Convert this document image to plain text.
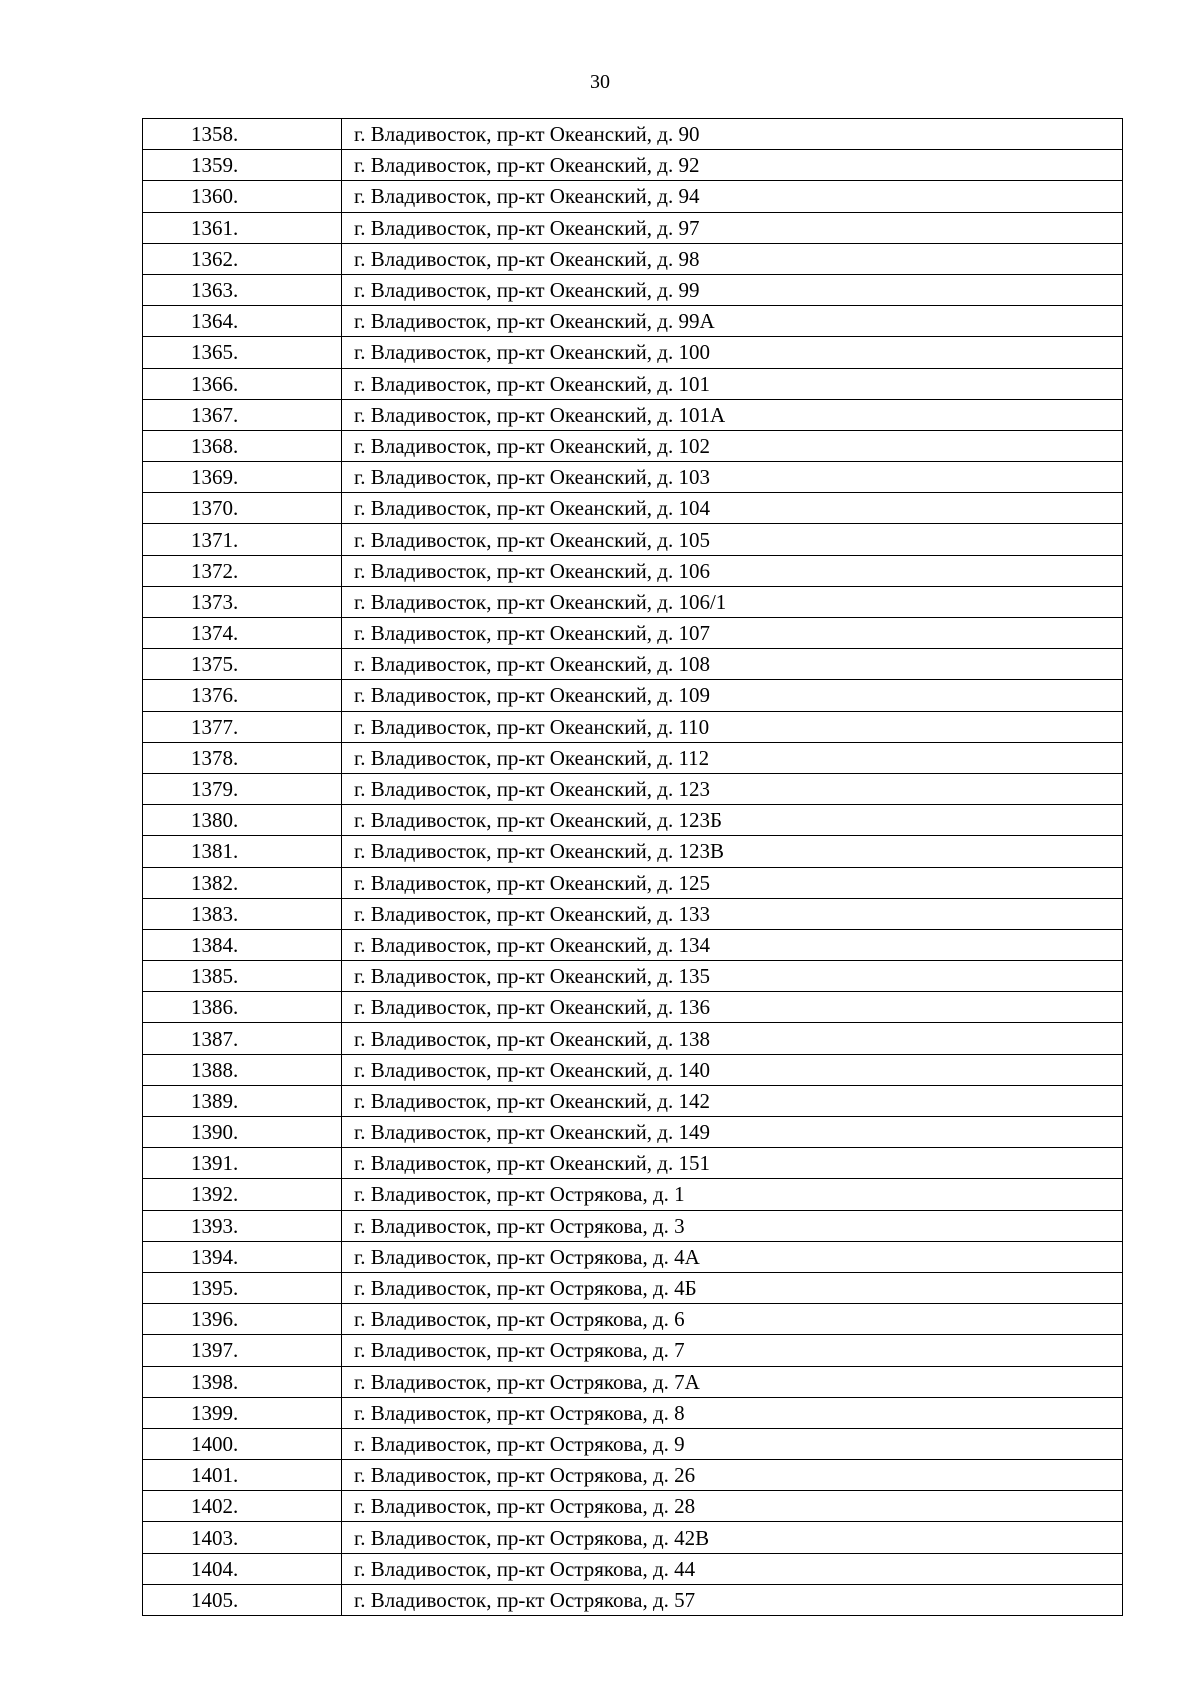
30
1358.	г. Владивосток, пр-кт Океанский, д. 90
1359.	г. Владивосток, пр-кт Океанский, д. 92
1360.	г. Владивосток, пр-кт Океанский, д. 94
1361.	г. Владивосток, пр-кт Океанский, д. 97
1362.	г. Владивосток, пр-кт Океанский, д. 98
1363.	г. Владивосток, пр-кт Океанский, д. 99
1364.	г. Владивосток, пр-кт Океанский, д. 99А
1365.	г. Владивосток, пр-кт Океанский, д. 100
1366.	г. Владивосток, пр-кт Океанский, д. 101
1367.	г. Владивосток, пр-кт Океанский, д. 101А
1368.	г. Владивосток, пр-кт Океанский, д. 102
1369.	г. Владивосток, пр-кт Океанский, д. 103
1370.	г. Владивосток, пр-кт Океанский, д. 104
1371.	г. Владивосток, пр-кт Океанский, д. 105
1372.	г. Владивосток, пр-кт Океанский, д. 106
1373.	г. Владивосток, пр-кт Океанский, д. 106/1
1374.	г. Владивосток, пр-кт Океанский, д. 107
1375.	г. Владивосток, пр-кт Океанский, д. 108
1376.	г. Владивосток, пр-кт Океанский, д. 109
1377.	г. Владивосток, пр-кт Океанский, д. 110
1378.	г. Владивосток, пр-кт Океанский, д. 112
1379.	г. Владивосток, пр-кт Океанский, д. 123
1380.	г. Владивосток, пр-кт Океанский, д. 123Б
1381.	г. Владивосток, пр-кт Океанский, д. 123В
1382.	г. Владивосток, пр-кт Океанский, д. 125
1383.	г. Владивосток, пр-кт Океанский, д. 133
1384.	г. Владивосток, пр-кт Океанский, д. 134
1385.	г. Владивосток, пр-кт Океанский, д. 135
1386.	г. Владивосток, пр-кт Океанский, д. 136
1387.	г. Владивосток, пр-кт Океанский, д. 138
1388.	г. Владивосток, пр-кт Океанский, д. 140
1389.	г. Владивосток, пр-кт Океанский, д. 142
1390.	г. Владивосток, пр-кт Океанский, д. 149
1391.	г. Владивосток, пр-кт Океанский, д. 151
1392.	г. Владивосток, пр-кт Острякова, д. 1
1393.	г. Владивосток, пр-кт Острякова, д. 3
1394.	г. Владивосток, пр-кт Острякова, д. 4А
1395.	г. Владивосток, пр-кт Острякова, д. 4Б
1396.	г. Владивосток, пр-кт Острякова, д. 6
1397.	г. Владивосток, пр-кт Острякова, д. 7
1398.	г. Владивосток, пр-кт Острякова, д. 7А
1399.	г. Владивосток, пр-кт Острякова, д. 8
1400.	г. Владивосток, пр-кт Острякова, д. 9
1401.	г. Владивосток, пр-кт Острякова, д. 26
1402.	г. Владивосток, пр-кт Острякова, д. 28
1403.	г. Владивосток, пр-кт Острякова, д. 42В
1404.	г. Владивосток, пр-кт Острякова, д. 44
1405.	г. Владивосток, пр-кт Острякова, д. 57
